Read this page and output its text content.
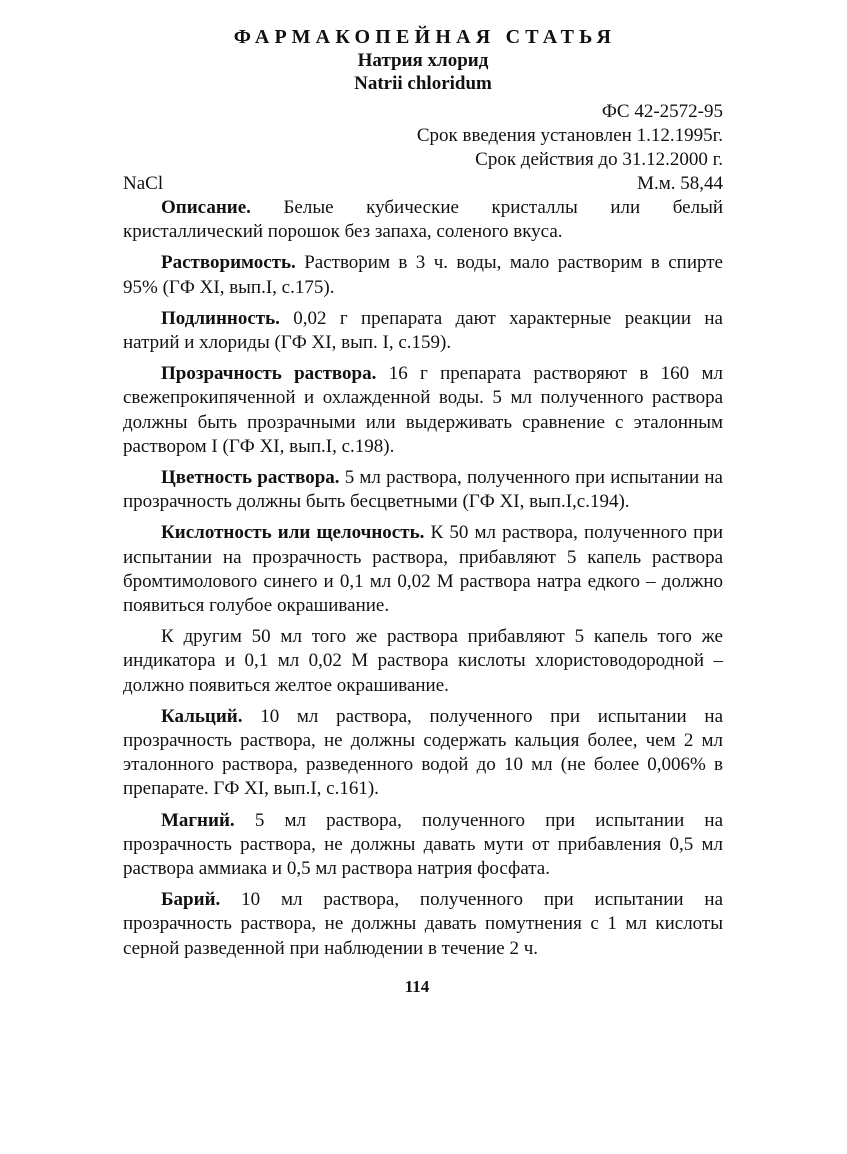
ФАРМАКОПЕЙНАЯ СТАТЬЯ
Натрия хлорид
Natrii chloridum
ФС 42-2572-95
Срок введения установлен 1.12.1995г.
Срок действия до 31.12.2000 г.
NaCl	М.м. 58,44

Описание. Белые кубические кристаллы или белый кристаллический порошок без запаха, соленого вкуса.

Растворимость. Растворим в 3 ч. воды, мало растворим в спирте 95% (ГФ XI, вып.I, с.175).

Подлинность. 0,02 г препарата дают характерные реакции на натрий и хлориды (ГФ XI, вып. I, с.159).

Прозрачность раствора. 16 г препарата растворяют в 160 мл свежепрокипяченной и охлажденной воды. 5 мл полученного раствора должны быть прозрачными или выдерживать сравнение с эталонным раствором I (ГФ XI, вып.I, с.198).

Цветность раствора. 5 мл раствора, полученного при испытании на прозрачность должны быть бесцветными (ГФ XI, вып.I,с.194).

Кислотность или щелочность. К 50 мл раствора, полученного при испытании на прозрачность раствора, прибавляют 5 капель раствора бромтимолового синего и 0,1 мл 0,02 М раствора натра едкого – должно появиться голубое окрашивание.

К другим 50 мл того же раствора прибавляют 5 капель того же индикатора и 0,1 мл 0,02 М раствора кислоты хлористоводородной – должно появиться желтое окрашивание.

Кальций. 10 мл раствора, полученного при испытании на прозрачность раствора, не должны содержать кальция более, чем 2 мл эталонного раствора, разведенного водой до 10 мл (не более 0,006% в препарате. ГФ XI, вып.I, с.161).

Магний. 5 мл раствора, полученного при испытании на прозрачность раствора, не должны давать мути от прибавления 0,5 мл раствора аммиака и 0,5 мл раствора натрия фосфата.

Барий. 10 мл раствора, полученного при испытании на прозрачность раствора, не должны давать помутнения с 1 мл кислоты серной разведенной при наблюдении в течение 2 ч.

114
